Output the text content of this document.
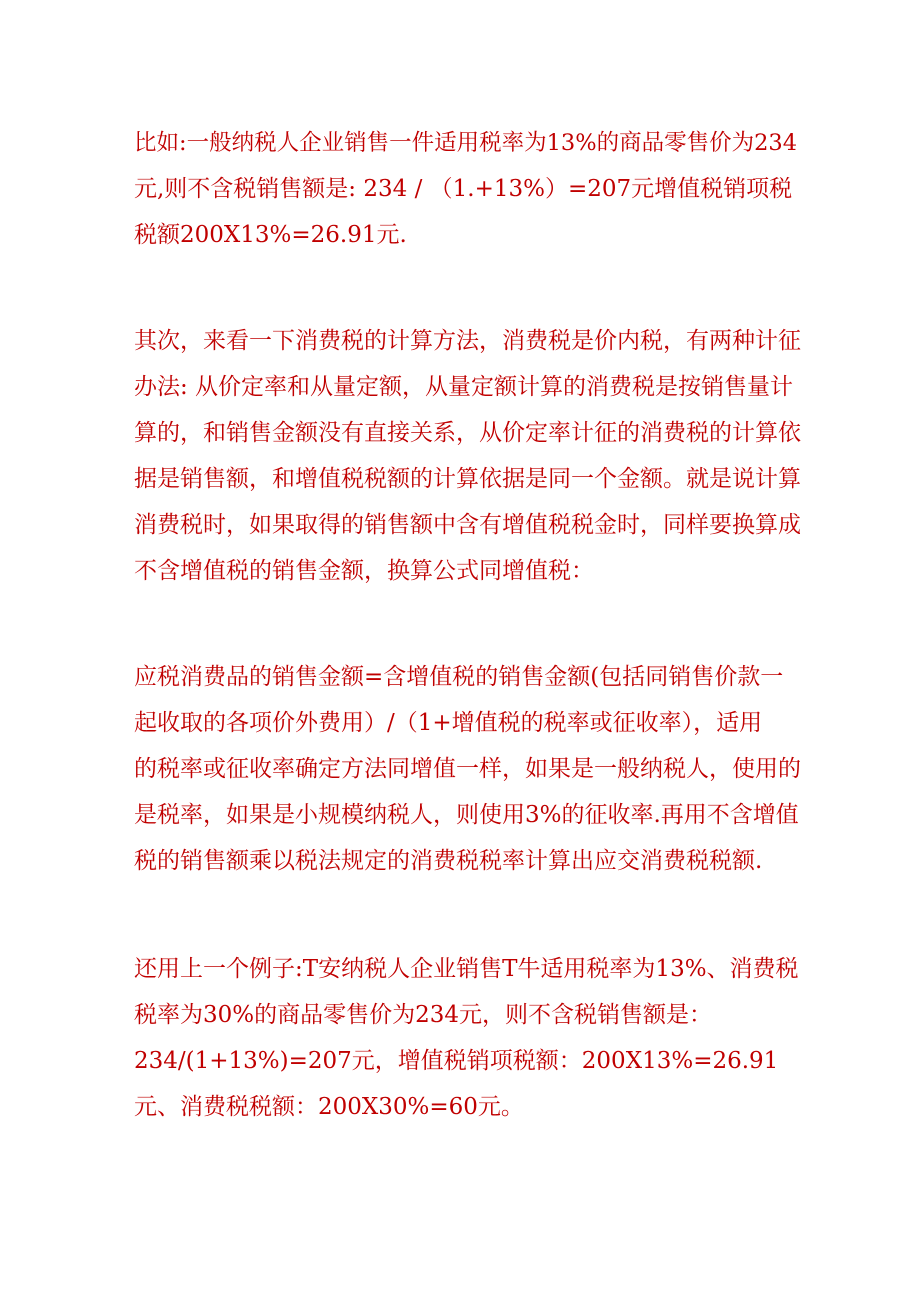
比如:一般纳税人企业销售一件适用税率为13%的商品零售价为234
元,则不含税销售额是: 234 / （1.+13%）=207元增值税销项税
税额200X13%=26.91元.

其次，来看一下消费税的计算方法，消费税是价内税，有两种计征
办法: 从价定率和从量定额，从量定额计算的消费税是按销售量计
算的，和销售金额没有直接关系，从价定率计征的消费税的计算依
据是销售额，和增值税税额的计算依据是同一个金额。就是说计算
消费税时，如果取得的销售额中含有增值税税金时，同样要换算成
不含增值税的销售金额，换算公式同增值税：

应税消费品的销售金额=含增值税的销售金额(包括同销售价款一
起收取的各项价外费用）/（1+增值税的税率或征收率），适用
的税率或征收率确定方法同增值一样，如果是一般纳税人，使用的
是税率，如果是小规模纳税人，则使用3%的征收率.再用不含增值
税的销售额乘以税法规定的消费税税率计算出应交消费税税额.

还用上一个例子:T安纳税人企业销售T牛适用税率为13%、消费税
税率为30%的商品零售价为234元，则不含税销售额是：
234/(1+13%)=207元，增值税销项税额：200X13%=26.91
元、消费税税额：200X30%=60元。
